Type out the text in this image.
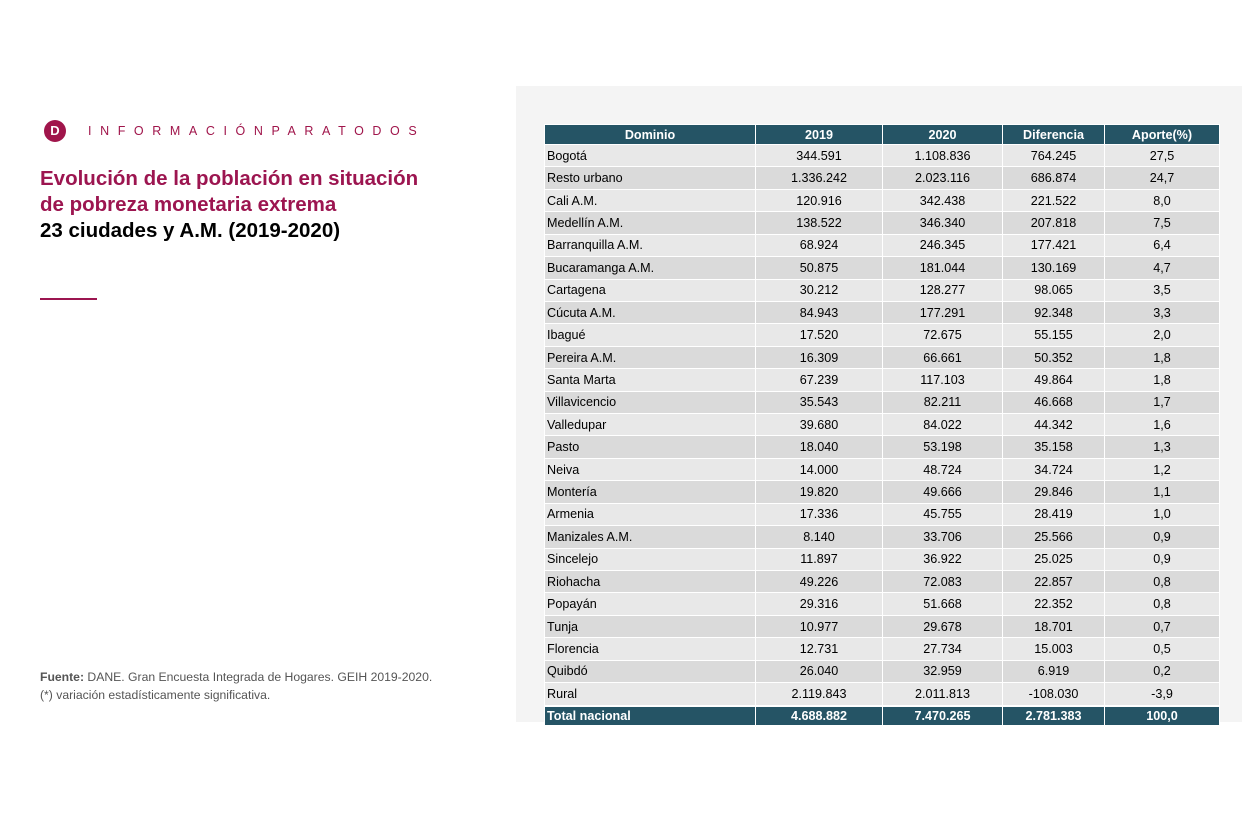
D	INFORMACIÓNPARATODOS
Evolución de la población en situación
de pobreza monetaria extrema
23 ciudades y A.M. (2019-2020)
Fuente: DANE. Gran Encuesta Integrada de Hogares. GEIH 2019-2020.
(*) variación estadísticamente significativa.
Dominio	2019	2020	Diferencia	Aporte(%)
Bogotá	344.591	1.108.836	764.245	27,5
Resto urbano	1.336.242	2.023.116	686.874	24,7
Cali A.M.	120.916	342.438	221.522	8,0
Medellín A.M.	138.522	346.340	207.818	7,5
Barranquilla A.M.	68.924	246.345	177.421	6,4
Bucaramanga A.M.	50.875	181.044	130.169	4,7
Cartagena	30.212	128.277	98.065	3,5
Cúcuta A.M.	84.943	177.291	92.348	3,3
Ibagué	17.520	72.675	55.155	2,0
Pereira A.M.	16.309	66.661	50.352	1,8
Santa Marta	67.239	117.103	49.864	1,8
Villavicencio	35.543	82.211	46.668	1,7
Valledupar	39.680	84.022	44.342	1,6
Pasto	18.040	53.198	35.158	1,3
Neiva	14.000	48.724	34.724	1,2
Montería	19.820	49.666	29.846	1,1
Armenia	17.336	45.755	28.419	1,0
Manizales A.M.	8.140	33.706	25.566	0,9
Sincelejo	11.897	36.922	25.025	0,9
Riohacha	49.226	72.083	22.857	0,8
Popayán	29.316	51.668	22.352	0,8
Tunja	10.977	29.678	18.701	0,7
Florencia	12.731	27.734	15.003	0,5
Quibdó	26.040	32.959	6.919	0,2
Rural	2.119.843	2.011.813	-108.030	-3,9
Total nacional	4.688.882	7.470.265	2.781.383	100,0
